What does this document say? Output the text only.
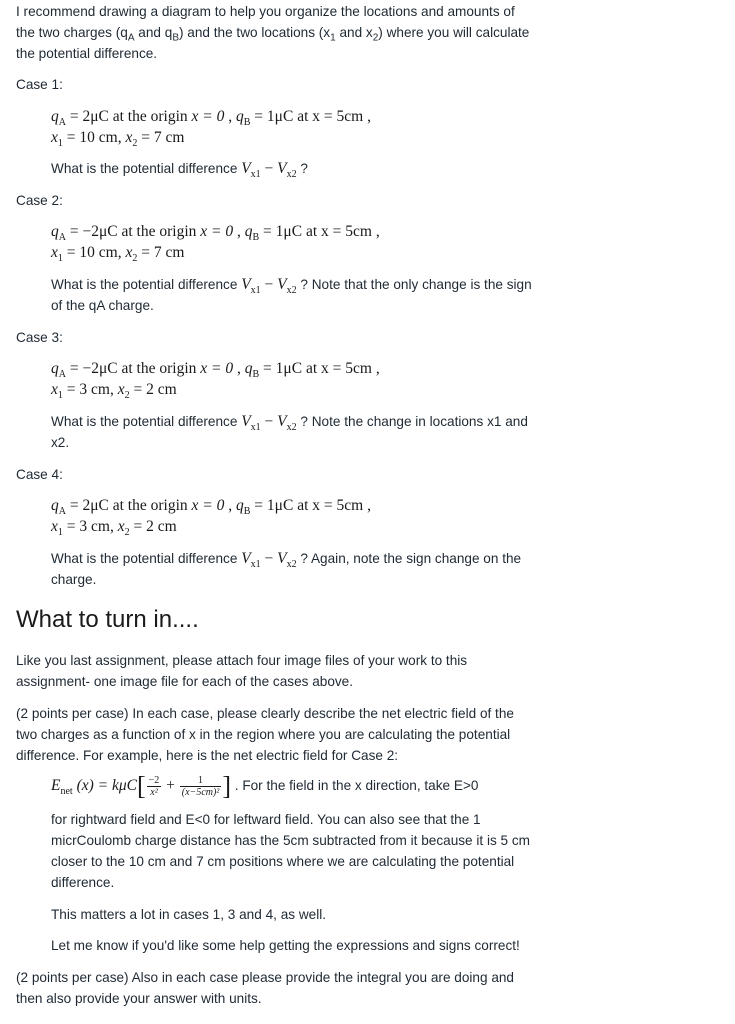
I recommend drawing a diagram to help you organize the locations and amounts of the two charges ($q_A$ and $q_B$) and the two locations ($x_1$ and $x_2$) where you will calculate the potential difference.

Case 1:

$q_A = 2\mu C$ at the origin x = 0 , $q_B = 1\mu C$ at x = 5cm ,

$x_1 = 10$ cm, $x_2 = 7$ cm

What is the potential difference $V_{x1} - V_{x2}$ ?

Case 2:

$q_A = -2\mu C$ at the origin x = 0 , $q_B = 1\mu C$ at x = 5cm ,

$x_1 = 10$ cm, $x_2 = 7$ cm

What is the potential difference $V_{x1} - V_{x2}$ ? Note that the only change is the sign of the qA charge.

Case 3:

$q_A = -2\mu C$ at the origin x = 0 , $q_B = 1\mu C$ at x = 5cm ,

$x_1 = 3$ cm, $x_2 = 2$ cm

What is the potential difference $V_{x1} - V_{x2}$ ? Note the change in locations x1 and x2.

Case 4:

$q_A = 2\mu C$ at the origin x = 0 , $q_B = 1\mu C$ at x = 5cm ,

$x_1 = 3$ cm, $x_2 = 2$ cm

What is the potential difference $V_{x1} - V_{x2}$ ? Again, note the sign change on the charge.

What to turn in....

Like you last assignment, please attach four image files of your work to this assignment- one image file for each of the cases above.

(2 points per case) In each case, please clearly describe the net electric field of the two charges as a function of x in the region where you are calculating the potential difference. For example, here is the net electric field for Case 2:

$E_{net}$ $(x) = k\mu C[ \frac{-2}{\text{x²}} + \frac{1}{\text{(x−5cm)²}}$ ] . For the field in the x direction, take E>0

for rightward field and E<0 for leftward field. You can also see that the 1 micrCoulomb charge distance has the 5cm subtracted from it because it is 5 cm closer to the 10 cm and 7 cm positions where we are calculating the potential difference.

This matters a lot in cases 1, 3 and 4, as well.

Let me know if you'd like some help getting the expressions and signs correct!

(2 points per case) Also in each case please provide the integral you are doing and then also provide your answer with units.
